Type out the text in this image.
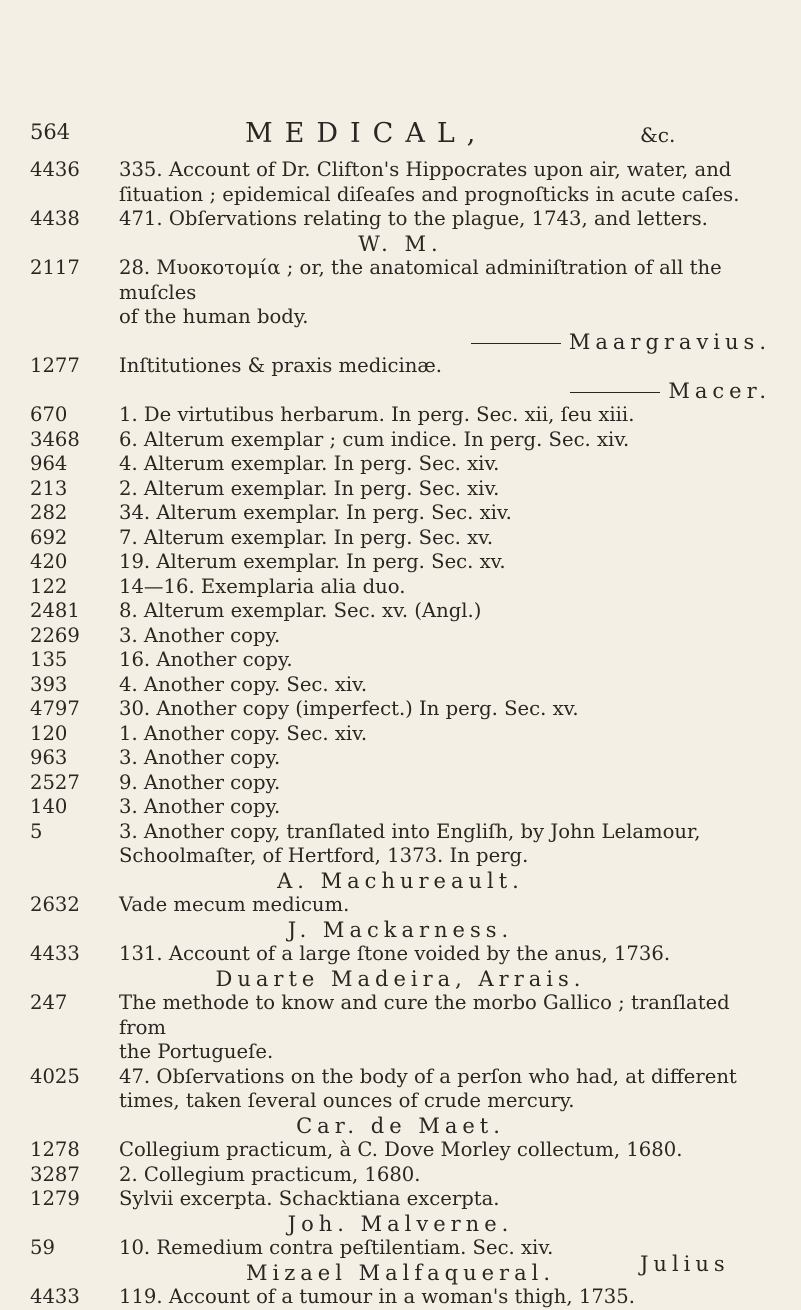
564	MEDICAL,	&c.
4436	335. Account of Dr. Clifton's Hippocrates upon air, water, and
ſituation ; epidemical diſeaſes and prognoſticks in acute caſes.
4438	471. Obſervations relating to the plague, 1743, and letters.
W. M.
2117	28. Μυοκοτομία ; or, the anatomical adminiſtration of all the muſcles
of the human body.
Maargravius.
1277	Inſtitutiones & praxis medicinæ.
Macer.
670	1. De virtutibus herbarum. In perg. Sec. xii, ſeu xiii.
3468	6. Alterum exemplar ; cum indice. In perg. Sec. xiv.
964	4. Alterum exemplar. In perg. Sec. xiv.
213	2. Alterum exemplar. In perg. Sec. xiv.
282	34. Alterum exemplar. In perg. Sec. xiv.
692	7. Alterum exemplar. In perg. Sec. xv.
420	19. Alterum exemplar. In perg. Sec. xv.
122	14—16. Exemplaria alia duo.
2481	8. Alterum exemplar. Sec. xv. (Angl.)
2269	3. Another copy.
135	16. Another copy.
393	4. Another copy. Sec. xiv.
4797	30. Another copy (imperfect.) In perg. Sec. xv.
120	1. Another copy. Sec. xiv.
963	3. Another copy.
2527	9. Another copy.
140	3. Another copy.
5	3. Another copy, tranſlated into Engliſh, by John Lelamour,
Schoolmaſter, of Hertford, 1373. In perg.
A. Machureault.
2632	Vade mecum medicum.
J. Mackarness.
4433	131. Account of a large ſtone voided by the anus, 1736.
Duarte Madeira, Arrais.
247	The methode to know and cure the morbo Gallico ; tranſlated from
the Portugueſe.
4025	47. Obſervations on the body of a perſon who had, at different
times, taken ſeveral ounces of crude mercury.
Car. de Maet.
1278	Collegium practicum, à C. Dove Morley collectum, 1680.
3287	2. Collegium practicum, 1680.
1279	Sylvii excerpta. Schacktiana excerpta.
Joh. Malverne.
59	10. Remedium contra peſtilentiam. Sec. xiv.
Mizael Malfaqueral.
4433	119. Account of a tumour in a woman's thigh, 1735.
Julius
